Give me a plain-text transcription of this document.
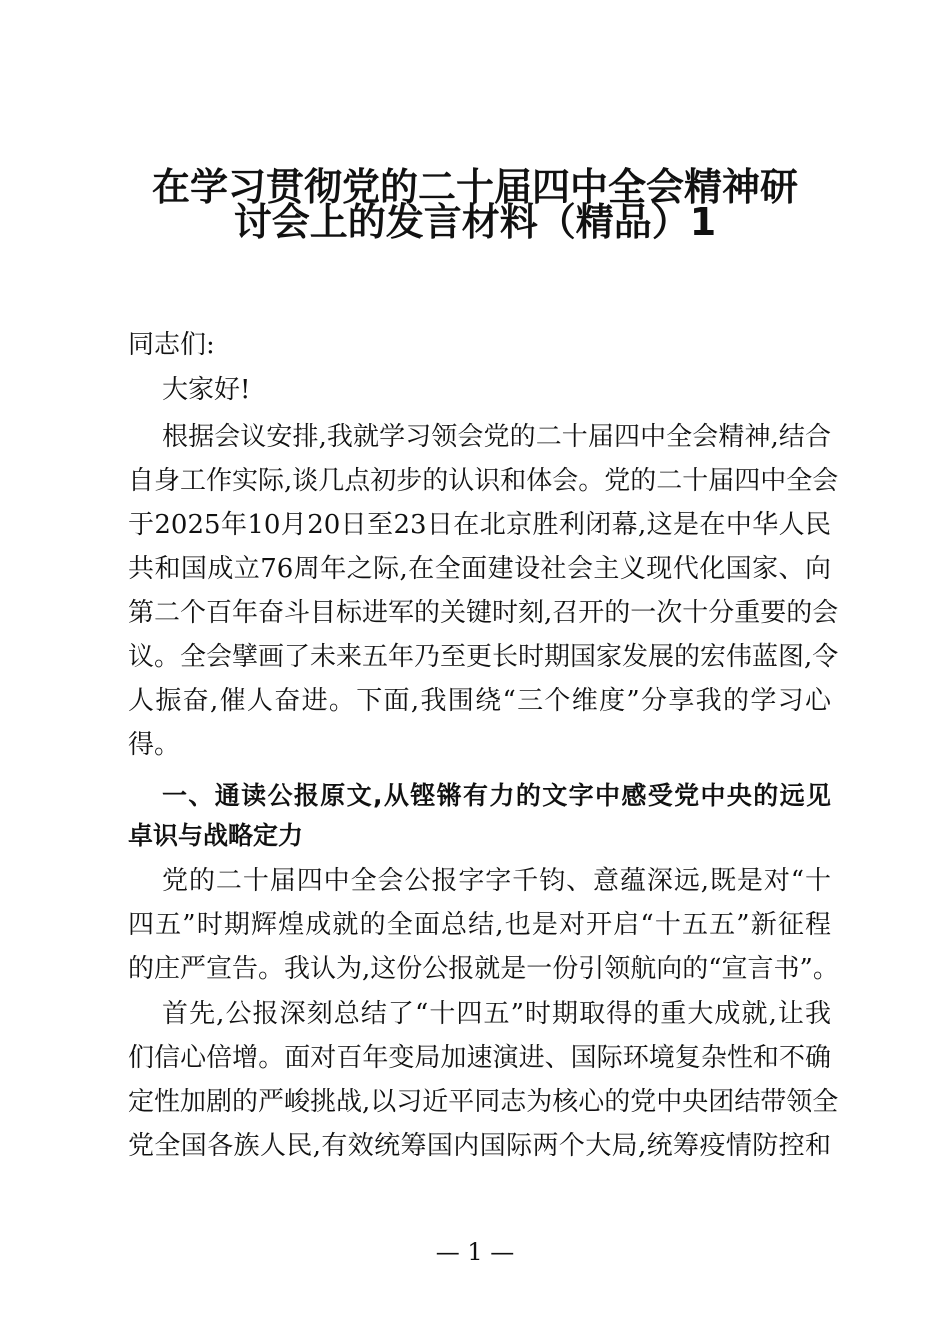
在学习贯彻党的二十届四中全会精神研
讨会上的发言材料（精品）1
同志们:
大家好!
根据会议安排,我就学习领会党的二十届四中全会精神,结合
自身工作实际,谈几点初步的认识和体会。党的二十届四中全会
于2025年10月20日至23日在北京胜利闭幕,这是在中华人民
共和国成立76周年之际,在全面建设社会主义现代化国家、向
第二个百年奋斗目标进军的关键时刻,召开的一次十分重要的会
议。全会擘画了未来五年乃至更长时期国家发展的宏伟蓝图,令
人振奋,催人奋进。下面,我围绕“三个维度”分享我的学习心
得。
一、通读公报原文,从铿锵有力的文字中感受党中央的远见
卓识与战略定力
党的二十届四中全会公报字字千钧、意蕴深远,既是对“十
四五”时期辉煌成就的全面总结,也是对开启“十五五”新征程
的庄严宣告。我认为,这份公报就是一份引领航向的“宣言书”。
首先,公报深刻总结了“十四五”时期取得的重大成就,让我
们信心倍增。面对百年变局加速演进、国际环境复杂性和不确
定性加剧的严峻挑战,以习近平同志为核心的党中央团结带领全
党全国各族人民,有效统筹国内国际两个大局,统筹疫情防控和
— 1 —
